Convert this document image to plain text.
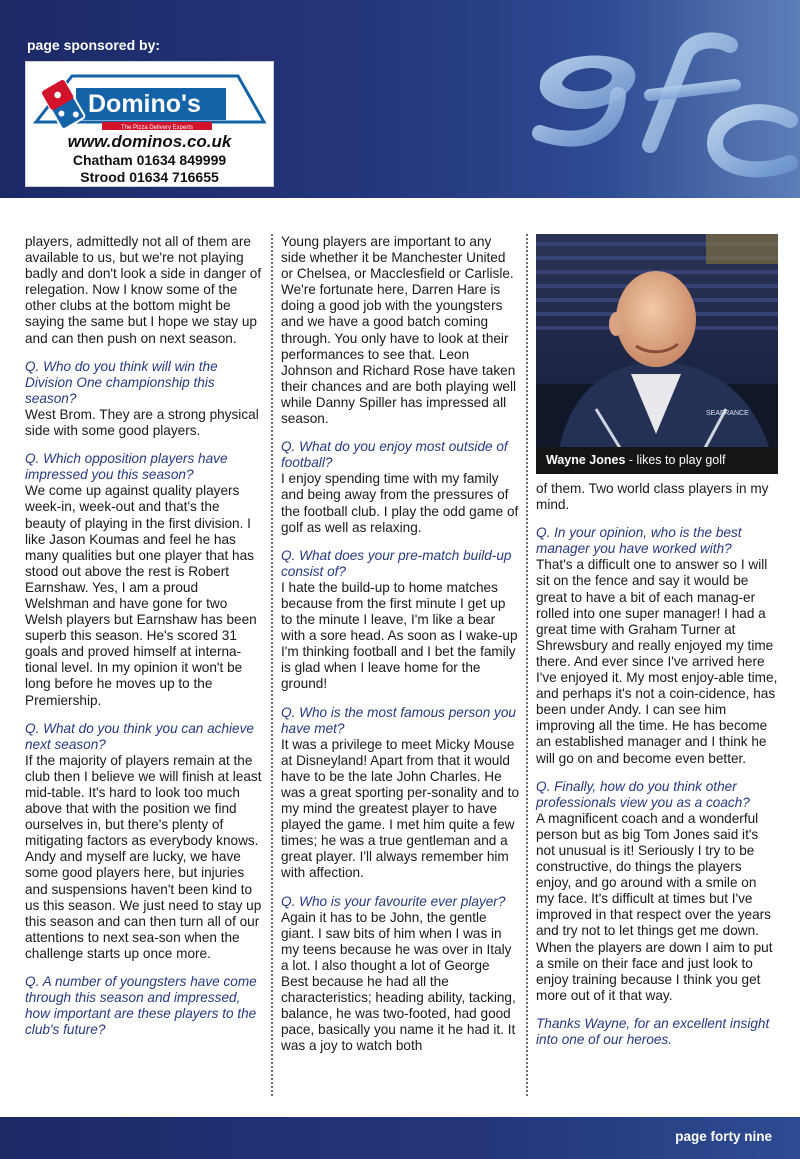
page sponsored by:
Domino's
The Pizza Delivery Experts
www.dominos.co.uk
Chatham 01634 849999
Strood 01634 716655

players, admittedly not all of them are available to us, but we're not playing badly and don't look a side in danger of relegation. Now I know some of the other clubs at the bottom might be saying the same but I hope we stay up and can then push on next season.

Q. Who do you think will win the Division One championship this season?

West Brom. They are a strong physical side with some good players.

Q. Which opposition players have impressed you this season?

We come up against quality players week-in, week-out and that's the beauty of playing in the first division. I like Jason Koumas and feel he has many qualities but one player that has stood out above the rest is Robert Earnshaw. Yes, I am a proud Welshman and have gone for two Welsh players but Earnshaw has been superb this season. He's scored 31 goals and proved himself at interna-tional level. In my opinion it won't be long before he moves up to the Premiership.

Q. What do you think you can achieve next season?

If the majority of players remain at the club then I believe we will finish at least mid-table. It's hard to look too much above that with the position we find ourselves in, but there's plenty of mitigating factors as everybody knows. Andy and myself are lucky, we have some good players here, but injuries and suspensions haven't been kind to us this season. We just need to stay up this season and can then turn all of our attentions to next sea-son when the challenge starts up once more.

Q. A number of youngsters have come through this season and impressed, how important are these players to the club's future?

Young players are important to any side whether it be Manchester United or Chelsea, or Macclesfield or Carlisle. We're fortunate here, Darren Hare is doing a good job with the youngsters and we have a good batch coming through. You only have to look at their performances to see that. Leon Johnson and Richard Rose have taken their chances and are both playing well while Danny Spiller has impressed all season.

Q. What do you enjoy most outside of football?

I enjoy spending time with my family and being away from the pressures of the football club. I play the odd game of golf as well as relaxing.

Q. What does your pre-match build-up consist of?

I hate the build-up to home matches because from the first minute I get up to the minute I leave, I'm like a bear with a sore head. As soon as I wake-up I'm thinking football and I bet the family is glad when I leave home for the ground!

Q. Who is the most famous person you have met?

It was a privilege to meet Micky Mouse at Disneyland! Apart from that it would have to be the late John Charles. He was a great sporting per-sonality and to my mind the greatest player to have played the game. I met him quite a few times; he was a true gentleman and a great player. I'll always remember him with affection.

Q. Who is your favourite ever player?

Again it has to be John, the gentle giant. I saw bits of him when I was in my teens because he was over in Italy a lot. I also thought a lot of George Best because he had all the characteristics; heading ability, tacking, balance, he was two-footed, had good pace, basically you name it he had it. It was a joy to watch both

SEAFRANCE
Wayne Jones - likes to play golf

of them. Two world class players in my mind.

Q. In your opinion, who is the best manager you have worked with?

That's a difficult one to answer so I will sit on the fence and say it would be great to have a bit of each manag-er rolled into one super manager! I had a great time with Graham Turner at Shrewsbury and really enjoyed my time there. And ever since I've arrived here I've enjoyed it. My most enjoy-able time, and perhaps it's not a coin-cidence, has been under Andy. I can see him improving all the time. He has become an established manager and I think he will go on and become even better.

Q. Finally, how do you think other professionals view you as a coach?

A magnificent coach and a wonderful person but as big Tom Jones said it's not unusual is it! Seriously I try to be constructive, do things the players enjoy, and go around with a smile on my face. It's difficult at times but I've improved in that respect over the years and try not to let things get me down. When the players are down I aim to put a smile on their face and just look to enjoy training because I think you get more out of it that way.

Thanks Wayne, for an excellent insight into one of our heroes.

page forty nine
